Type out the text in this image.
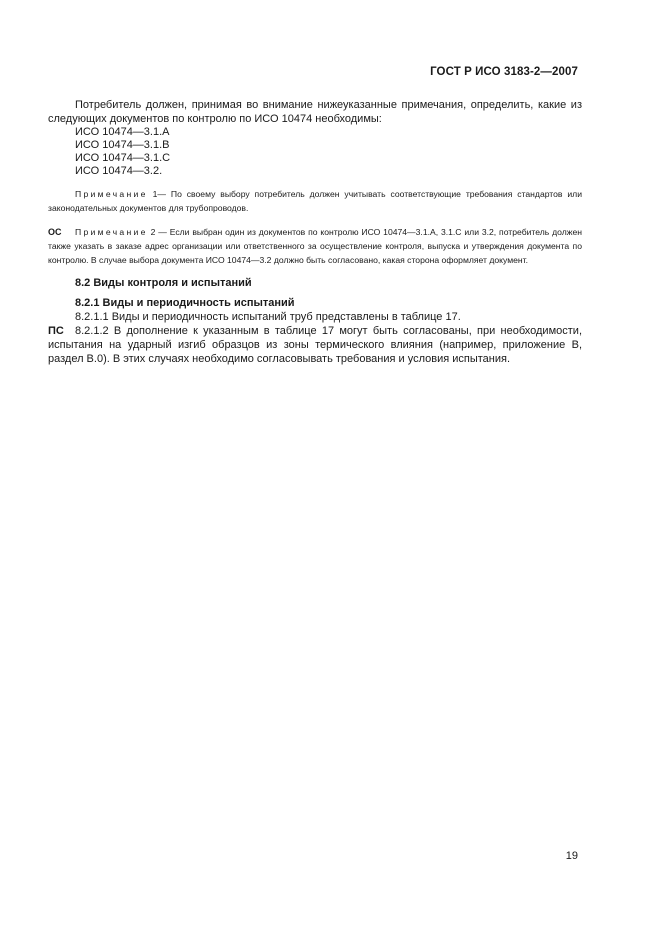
ГОСТ Р ИСО 3183-2—2007

Потребитель должен, принимая во внимание нижеуказанные примечания, определить, какие из следующих документов по контролю по ИСО 10474 необходимы:

ИСО 10474—3.1.A

ИСО 10474—3.1.B

ИСО 10474—3.1.C

ИСО 10474—3.2.

Примечание 1— По своему выбору потребитель должен учитывать соответствующие требования стандартов или законодательных документов для трубопроводов.

ОС Примечание 2 — Если выбран один из документов по контролю ИСО 10474—3.1.A, 3.1.C или 3.2, потребитель должен также указать в заказе адрес организации или ответственного за осуществление контроля, выпуска и утверждения документа по контролю. В случае выбора документа ИСО 10474—3.2 должно быть согласовано, какая сторона оформляет документ.

8.2 Виды контроля и испытаний

8.2.1 Виды и периодичность испытаний

8.2.1.1 Виды и периодичность испытаний труб представлены в таблице 17.

ПС 8.2.1.2 В дополнение к указанным в таблице 17 могут быть согласованы, при необходимости, испытания на ударный изгиб образцов из зоны термического влияния (например, приложение B, раздел B.0). В этих случаях необходимо согласовывать требования и условия испытания.

19
